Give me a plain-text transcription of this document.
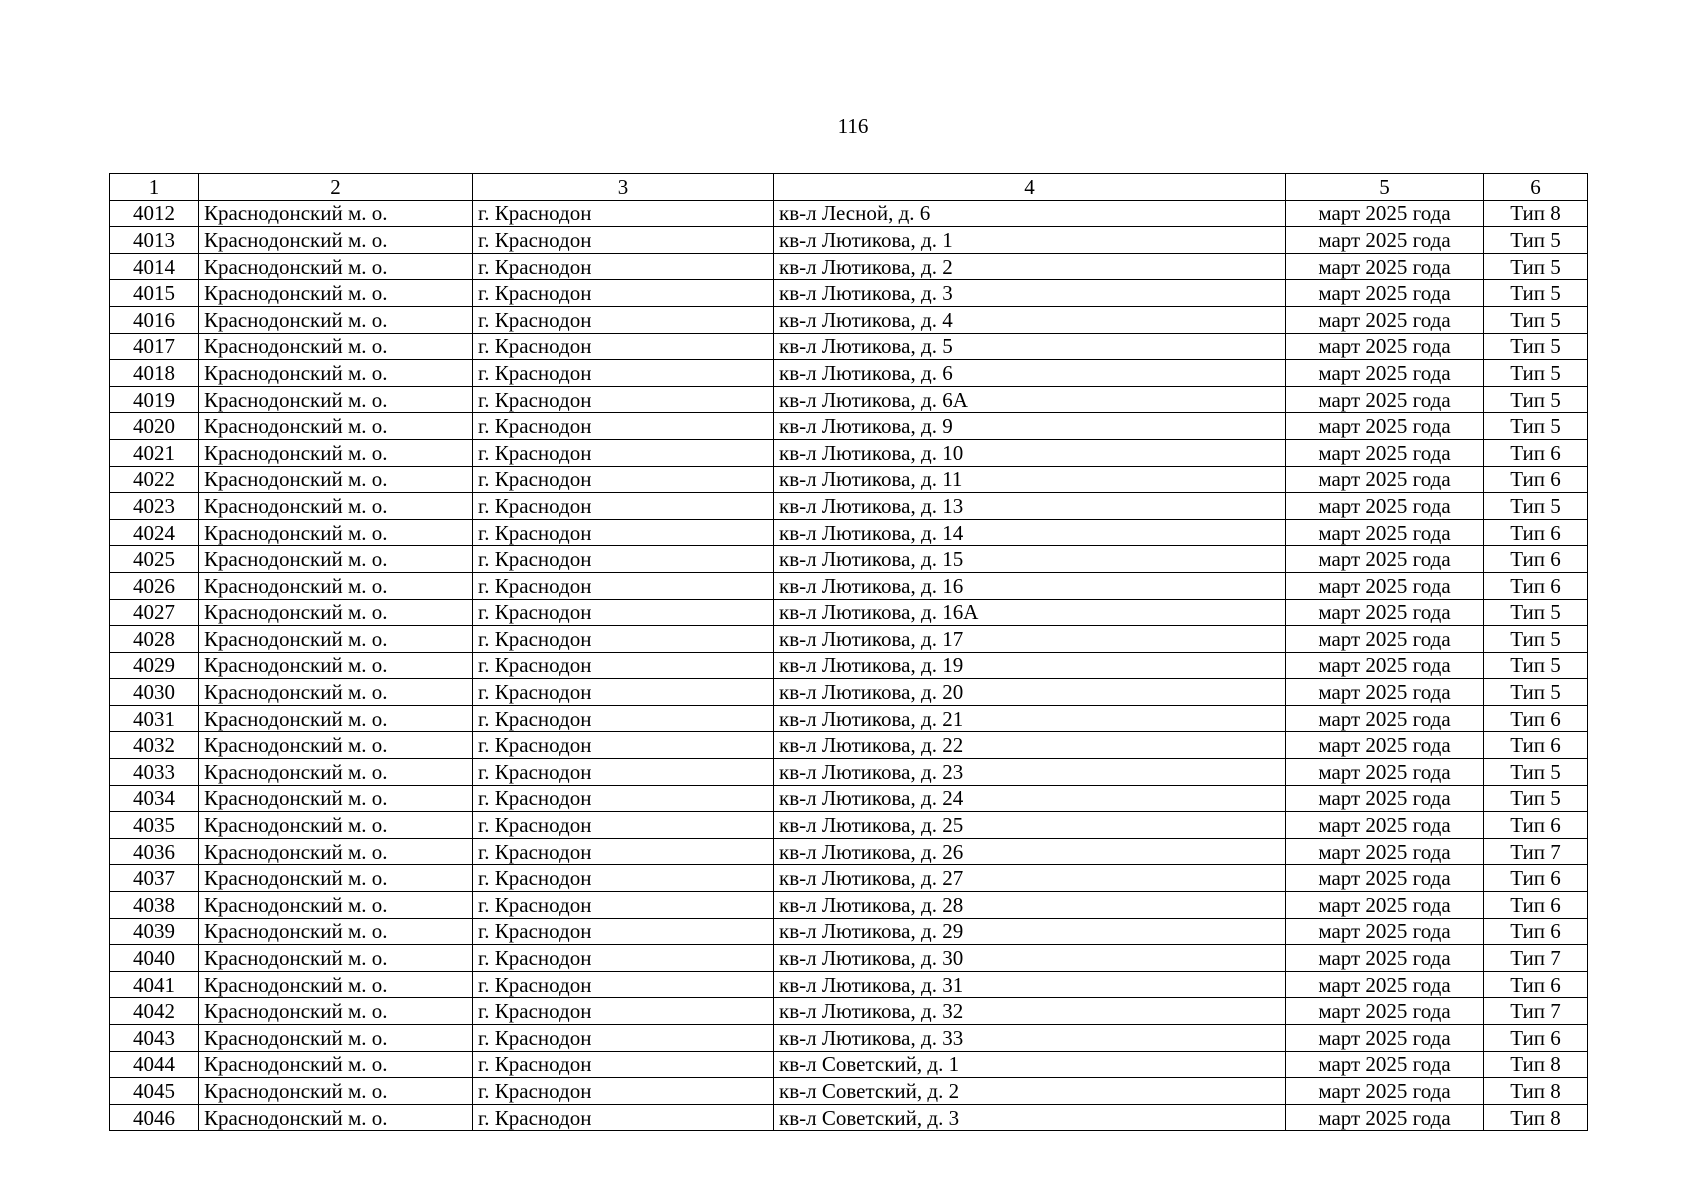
116
1	2	3	4	5	6
4012	Краснодонский м. о.	г. Краснодон	кв-л Лесной, д. 6	март 2025 года	Тип 8
4013	Краснодонский м. о.	г. Краснодон	кв-л Лютикова, д. 1	март 2025 года	Тип 5
4014	Краснодонский м. о.	г. Краснодон	кв-л Лютикова, д. 2	март 2025 года	Тип 5
4015	Краснодонский м. о.	г. Краснодон	кв-л Лютикова, д. 3	март 2025 года	Тип 5
4016	Краснодонский м. о.	г. Краснодон	кв-л Лютикова, д. 4	март 2025 года	Тип 5
4017	Краснодонский м. о.	г. Краснодон	кв-л Лютикова, д. 5	март 2025 года	Тип 5
4018	Краснодонский м. о.	г. Краснодон	кв-л Лютикова, д. 6	март 2025 года	Тип 5
4019	Краснодонский м. о.	г. Краснодон	кв-л Лютикова, д. 6А	март 2025 года	Тип 5
4020	Краснодонский м. о.	г. Краснодон	кв-л Лютикова, д. 9	март 2025 года	Тип 5
4021	Краснодонский м. о.	г. Краснодон	кв-л Лютикова, д. 10	март 2025 года	Тип 6
4022	Краснодонский м. о.	г. Краснодон	кв-л Лютикова, д. 11	март 2025 года	Тип 6
4023	Краснодонский м. о.	г. Краснодон	кв-л Лютикова, д. 13	март 2025 года	Тип 5
4024	Краснодонский м. о.	г. Краснодон	кв-л Лютикова, д. 14	март 2025 года	Тип 6
4025	Краснодонский м. о.	г. Краснодон	кв-л Лютикова, д. 15	март 2025 года	Тип 6
4026	Краснодонский м. о.	г. Краснодон	кв-л Лютикова, д. 16	март 2025 года	Тип 6
4027	Краснодонский м. о.	г. Краснодон	кв-л Лютикова, д. 16А	март 2025 года	Тип 5
4028	Краснодонский м. о.	г. Краснодон	кв-л Лютикова, д. 17	март 2025 года	Тип 5
4029	Краснодонский м. о.	г. Краснодон	кв-л Лютикова, д. 19	март 2025 года	Тип 5
4030	Краснодонский м. о.	г. Краснодон	кв-л Лютикова, д. 20	март 2025 года	Тип 5
4031	Краснодонский м. о.	г. Краснодон	кв-л Лютикова, д. 21	март 2025 года	Тип 6
4032	Краснодонский м. о.	г. Краснодон	кв-л Лютикова, д. 22	март 2025 года	Тип 6
4033	Краснодонский м. о.	г. Краснодон	кв-л Лютикова, д. 23	март 2025 года	Тип 5
4034	Краснодонский м. о.	г. Краснодон	кв-л Лютикова, д. 24	март 2025 года	Тип 5
4035	Краснодонский м. о.	г. Краснодон	кв-л Лютикова, д. 25	март 2025 года	Тип 6
4036	Краснодонский м. о.	г. Краснодон	кв-л Лютикова, д. 26	март 2025 года	Тип 7
4037	Краснодонский м. о.	г. Краснодон	кв-л Лютикова, д. 27	март 2025 года	Тип 6
4038	Краснодонский м. о.	г. Краснодон	кв-л Лютикова, д. 28	март 2025 года	Тип 6
4039	Краснодонский м. о.	г. Краснодон	кв-л Лютикова, д. 29	март 2025 года	Тип 6
4040	Краснодонский м. о.	г. Краснодон	кв-л Лютикова, д. 30	март 2025 года	Тип 7
4041	Краснодонский м. о.	г. Краснодон	кв-л Лютикова, д. 31	март 2025 года	Тип 6
4042	Краснодонский м. о.	г. Краснодон	кв-л Лютикова, д. 32	март 2025 года	Тип 7
4043	Краснодонский м. о.	г. Краснодон	кв-л Лютикова, д. 33	март 2025 года	Тип 6
4044	Краснодонский м. о.	г. Краснодон	кв-л Советский, д. 1	март 2025 года	Тип 8
4045	Краснодонский м. о.	г. Краснодон	кв-л Советский, д. 2	март 2025 года	Тип 8
4046	Краснодонский м. о.	г. Краснодон	кв-л Советский, д. 3	март 2025 года	Тип 8
